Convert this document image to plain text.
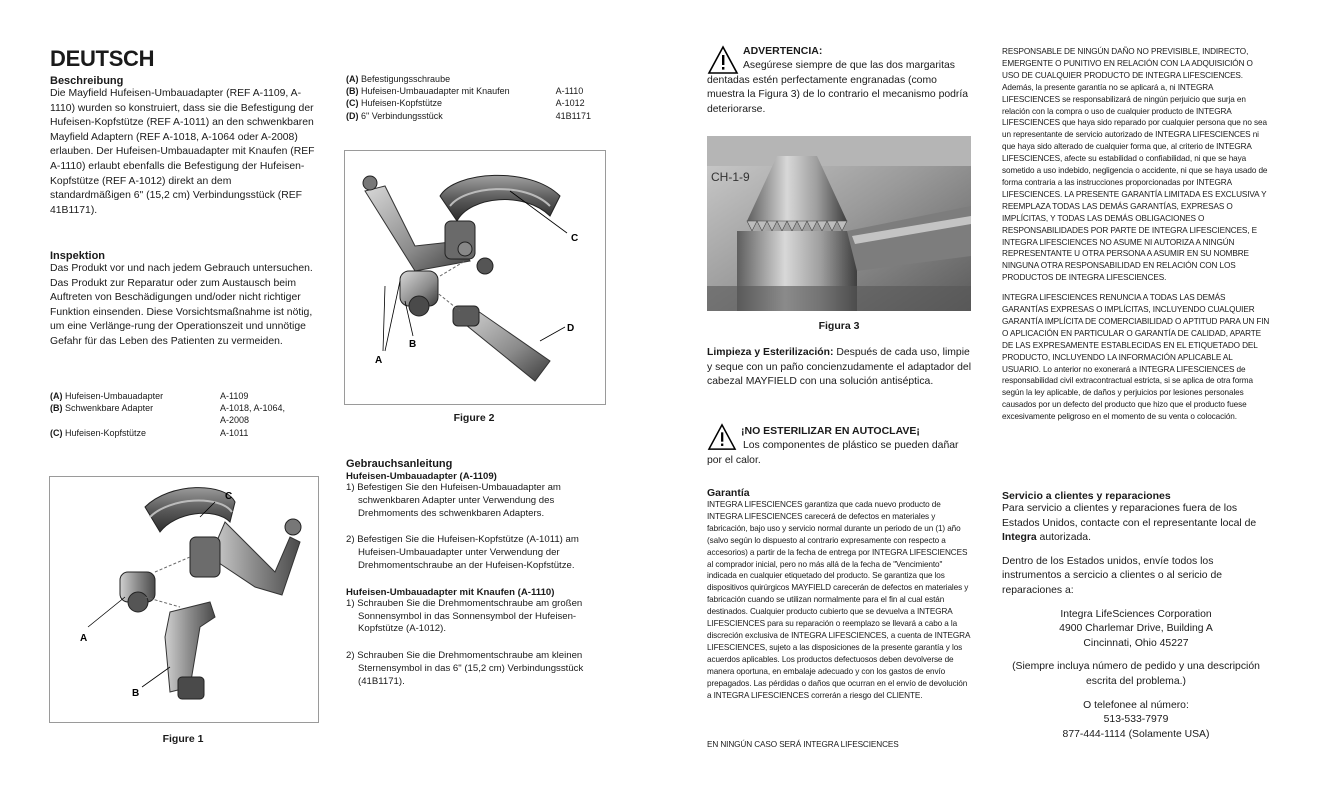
DEUTSCH
Beschreibung

Die Mayfield Hufeisen-Umbauadapter (REF A-1109, A-1110) wurden so konstruiert, dass sie die Befestigung der Hufeisen-Kopfstütze (REF A-1011) an den schwenkbaren Mayfield Adaptern (REF A-1018, A-1064 oder A-2008) erlauben. Der Hufeisen-Umbauadapter mit Knaufen (REF A-1110) erlaubt ebenfalls die Befestigung der Hufeisen-Kopfstütze (REF A-1012) direkt an dem standardmäßigen 6" (15,2 cm) Verbindungsstück (REF 41B1171).

Inspektion

Das Produkt vor und nach jedem Gebrauch untersuchen. Das Produkt zur Reparatur oder zum Austausch beim Auftreten von Beschädigungen und/oder nicht richtiger Funktion einsenden. Diese Vorsichtsmaßnahme ist nötig, um eine Verlänge-rung der Operationszeit und unnötige Gefahr für das Leben des Patienten zu vermeiden.

(A) Hufeisen-Umbauadapter	A-1109
(B) Schwenkbare Adapter	A-1018, A-1064,
A-2008
(C) Hufeisen-Kopfstütze	A-1011
C
A
B
Figure 1
(A) Befestigungsschraube	
(B) Hufeisen-Umbauadapter mit Knaufen	A-1110
(C) Hufeisen-Kopfstütze	A-1012
(D) 6" Verbindungsstück	41B1171
C
A
B
D
Figure 2
Gebrauchsanleitung
Hufeisen-Umbauadapter (A-1109)
1) Befestigen Sie den Hufeisen-Umbauadapter am schwenkbaren Adapter unter Verwendung des Drehmoments des schwenkbaren Adapters.
2) Befestigen Sie die Hufeisen-Kopfstütze (A-1011) am Hufeisen-Umbauadapter unter Verwendung der Drehmomentschraube an der Hufeisen-Kopfstütze.
Hufeisen-Umbauadapter mit Knaufen (A-1110)
1) Schrauben Sie die Drehmomentschraube am großen Sonnensymbol in das Sonnensymbol der Hufeisen-Kopfstütze (A-1012).
2) Schrauben Sie die Drehmomentschraube am kleinen Sternensymbol in das 6" (15,2 cm) Verbindungsstück (41B1171).
ADVERTENCIA:

Asegúrese siempre de que las dos margaritas dentadas estén perfectamente engranadas (como muestra la Figura 3) de lo contrario el mecanismo podría deteriorarse.

CH-1-9
Figura 3

Limpieza y Esterilización: Después de cada uso, limpie y seque con un paño concienzudamente el adaptador del cabezal MAYFIELD con una solución antiséptica.

¡NO ESTERILIZAR EN AUTOCLAVE¡

Los componentes de plástico se pueden dañar por el calor.

Garantía

INTEGRA LIFESCIENCES garantiza que cada nuevo producto de INTEGRA LIFESCIENCES carecerá de defectos en materiales y fabricación, bajo uso y servicio normal durante un periodo de un (1) año (salvo según lo dispuesto al contrario expresamente con respecto a accesorios) a partir de la fecha de entrega por INTEGRA LIFESCIENCES al comprador inicial, pero no más allá de la fecha de "Vencimiento" indicada en cualquier etiquetado del producto. Se garantiza que los dispositivos quirúrgicos MAYFIELD carecerán de defectos en materiales y fabricación cuando se utilizan normalmente para el fin al cual están destinados. Cualquier producto cubierto que se devuelva a INTEGRA LIFESCIENCES para su reparación o reemplazo se llevará a cabo a la discreción exclusiva de INTEGRA LIFESCIENCES, a cuenta de INTEGRA LIFESCIENCES, sujeto a las disposiciones de la presente garantía y los acuerdos aplicables. Los productos defectuosos deben devolverse de manera oportuna, en embalaje adecuado y con los gastos de envío prepagados. Las pérdidas o daños que ocurran en el envío de devolución a INTEGRA LIFESCIENCES correrán a riesgo del CLIENTE.

EN NINGÚN CASO SERÁ INTEGRA LIFESCIENCES

RESPONSABLE DE NINGÚN DAÑO NO PREVISIBLE, INDIRECTO, EMERGENTE O PUNITIVO EN RELACIÓN CON LA ADQUISICIÓN O USO DE CUALQUIER PRODUCTO DE INTEGRA LIFESCIENCES. Además, la presente garantía no se aplicará a, ni INTEGRA LIFESCIENCES se responsabilizará de ningún perjuicio que surja en relación con la compra o uso de cualquier producto de INTEGRA LIFESCIENCES que haya sido reparado por cualquier persona que no sea un representante de servicio autorizado de INTEGRA LIFESCIENCES ni que haya sido alterado de cualquier forma que, al criterio de INTEGRA LIFESCIENCES, afecte su estabilidad o confiabilidad, ni que se haya sometido a uso indebido, negligencia o accidente, ni que se haya usado de forma contraria a las instrucciones proporcionadas por INTEGRA LIFESCIENCES. LA PRESENTE GARANTÍA LIMITADA ES EXCLUSIVA Y REEMPLAZA TODAS LAS DEMÁS GARANTÍAS, EXPRESAS O IMPLÍCITAS, Y TODAS LAS DEMÁS OBLIGACIONES O RESPONSABILIDADES POR PARTE DE INTEGRA LIFESCIENCES, E INTEGRA LIFESCIENCES NO ASUME NI AUTORIZA A NINGÚN REPRESENTANTE U OTRA PERSONA A ASUMIR EN SU NOMBRE NINGUNA OTRA RESPONSABILIDAD EN RELACIÓN CON LOS PRODUCTOS DE INTEGRA LIFESCIENCES.

INTEGRA LIFESCIENCES RENUNCIA A TODAS LAS DEMÁS GARANTÍAS EXPRESAS O IMPLÍCITAS, INCLUYENDO CUALQUIER GARANTÍA IMPLÍCITA DE COMERCIABILIDAD O APTITUD PARA UN FIN O APLICACIÓN EN PARTICULAR O GARANTÍA DE CALIDAD, APARTE DE LAS EXPRESAMENTE ESTABLECIDAS EN EL ETIQUETADO DEL PRODUCTO, INCLUYENDO LA INFORMACIÓN APLICABLE AL USUARIO. Lo anterior no exonerará a INTEGRA LIFESCIENCES de responsabilidad civil extracontractual estricta, si se aplica de otra forma según la ley aplicable, de daños y perjuicios por lesiones personales causados por un defecto del producto que hizo que el producto fuese excesivamente peligroso en el momento de su venta o colocación.

Servicio a clientes y reparaciones

Para servicio a clientes y reparaciones fuera de los Estados Unidos, contacte con el representante local de Integra autorizada.

Dentro de los Estados unidos, envíe todos los instrumentos a sercicio a clientes o al sericio de reparaciones a:

Integra LifeSciences Corporation
4900 Charlemar Drive, Building A
Cincinnati, Ohio 45227

(Siempre incluya número de pedido y una descripción escrita del problema.)

O telefonee al número:
513-533-7979
877-444-1114 (Solamente USA)
